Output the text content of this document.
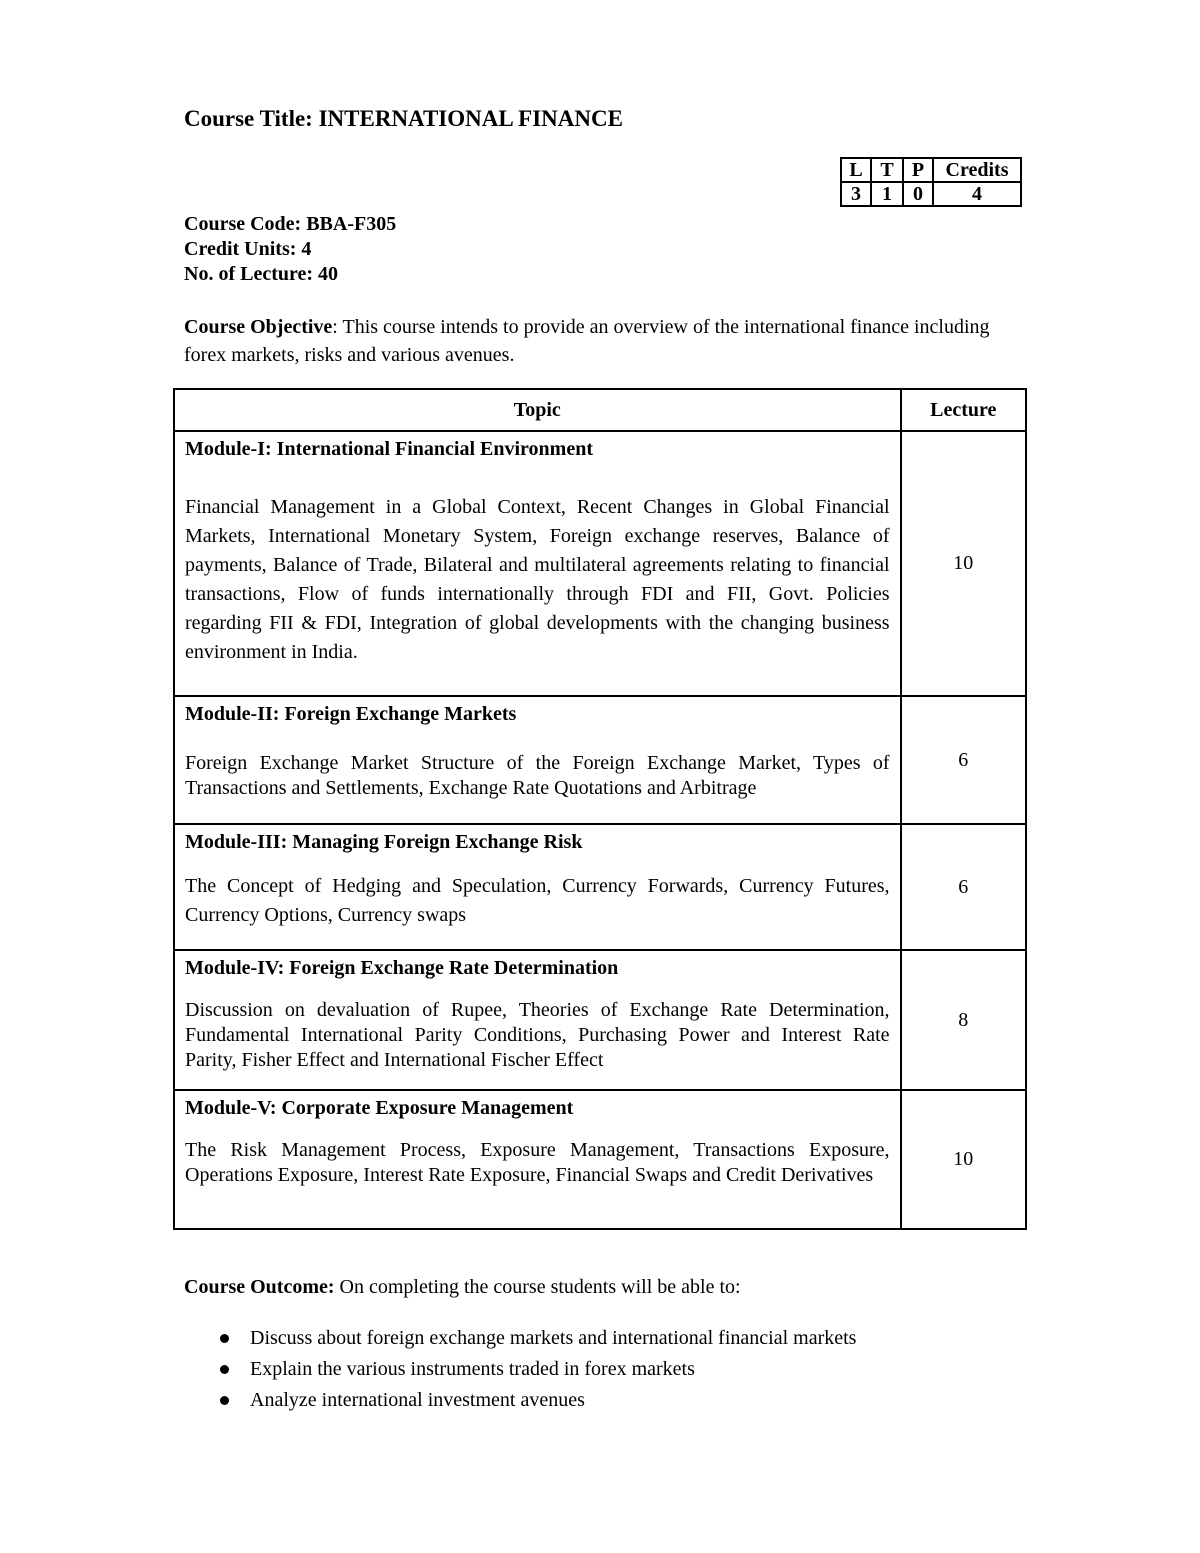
Course Title: INTERNATIONAL FINANCE
L	T	P	Credits
3	1	0	4
Course Code: BBA-F305
Credit Units: 4
No. of Lecture: 40
Course Objective: This course intends to provide an overview of the international finance including forex markets, risks and various avenues.
Topic	Lecture

Module-I: International Financial Environment
Financial Management in a Global Context, Recent Changes in Global Financial Markets, International Monetary System, Foreign exchange reserves, Balance of payments, Balance of Trade, Bilateral and multilateral agreements relating to financial transactions, Flow of funds internationally through FDI and FII, Govt. Policies regarding FII & FDI, Integration of global developments with the changing business environment in India.	10

Module-II: Foreign Exchange Markets
Foreign Exchange Market Structure of the Foreign Exchange Market, Types of Transactions and Settlements, Exchange Rate Quotations and Arbitrage	6

Module-III: Managing Foreign Exchange Risk
The Concept of Hedging and Speculation, Currency Forwards, Currency Futures, Currency Options, Currency swaps	6

Module-IV: Foreign Exchange Rate Determination
Discussion on devaluation of Rupee, Theories of Exchange Rate Determination, Fundamental International Parity Conditions, Purchasing Power and Interest Rate Parity, Fisher Effect and International Fischer Effect	8

Module-V: Corporate Exposure Management
The Risk Management Process, Exposure Management, Transactions Exposure, Operations Exposure, Interest Rate Exposure, Financial Swaps and Credit Derivatives	10
Course Outcome: On completing the course students will be able to:
Discuss about foreign exchange markets and international financial markets
Explain the various instruments traded in forex markets
Analyze international investment avenues
